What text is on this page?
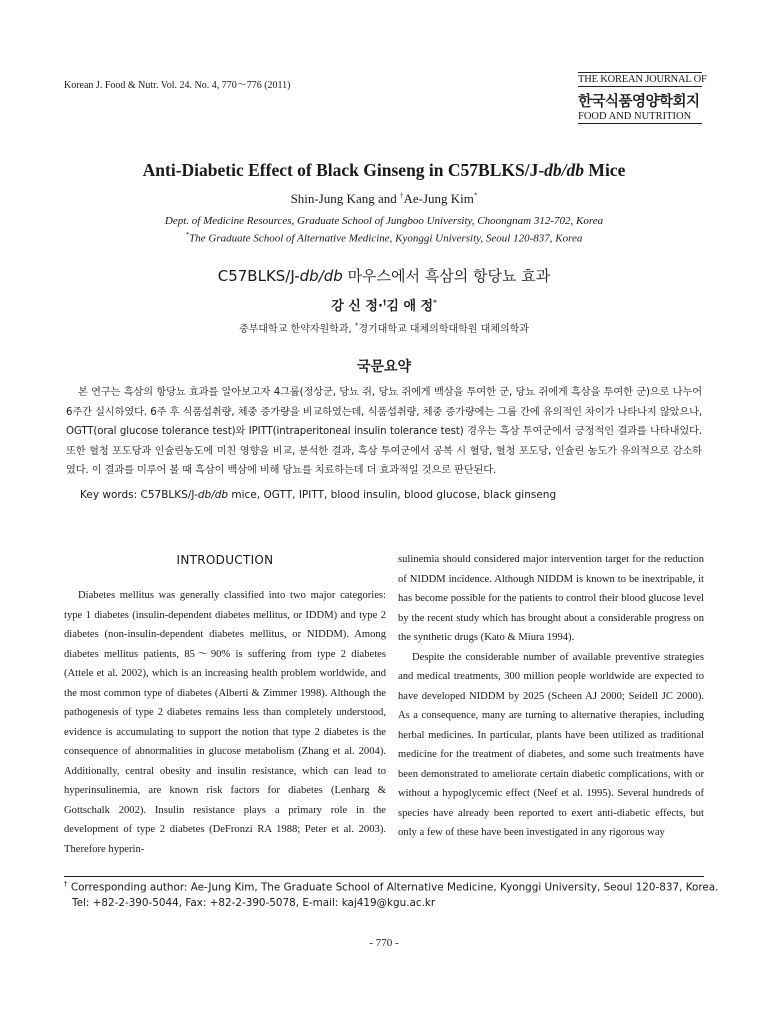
Korean J. Food & Nutr. Vol. 24. No. 4, 770～776 (2011)
THE KOREAN JOURNAL OF
한국식품영양학회지
FOOD AND NUTRITION
Anti-Diabetic Effect of Black Ginseng in C57BLKS/J-db/db Mice
Shin-Jung Kang and †Ae-Jung Kim*
Dept. of Medicine Resources, Graduate School of Jungboo University, Choongnam 312-702, Korea
*The Graduate School of Alternative Medicine, Kyonggi University, Seoul 120-837, Korea
C57BLKS/J-db/db 마우스에서 흑삼의 항당뇨 효과
강 신 정·†김 애 정*
중부대학교 한약자원학과, *경기대학교 대체의학대학원 대체의학과
국문요약
본 연구는 흑삼의 항당뇨 효과를 알아보고자 4그룹(정상군, 당뇨 쥐, 당뇨 쥐에게 백삼을 투여한 군, 당뇨 쥐에게 흑삼을 투여한 군)으로 나누어 6주간 실시하였다. 6주 후 식품섭취량, 체중 증가량을 비교하였는데, 식품섭취량, 체중 증가량에는 그룹 간에 유의적인 차이가 나타나지 않았으나, OGTT(oral glucose tolerance test)와 IPITT(intraperitoneal insulin tolerance test) 경우는 흑삼 투여군에서 긍정적인 결과를 나타내었다. 또한 혈청 포도당과 인슐린농도에 미친 영향을 비교, 분석한 결과, 흑삼 투여군에서 공복 시 혈당, 혈청 포도당, 인슐린 농도가 유의적으로 감소하였다. 이 결과를 미루어 볼 때 흑삼이 백삼에 비해 당뇨를 치료하는데 더 효과적일 것으로 판단된다.
Key words: C57BLKS/J-db/db mice, OGTT, IPITT, blood insulin, blood glucose, black ginseng
INTRODUCTION
Diabetes mellitus was generally classified into two major categories: type 1 diabetes (insulin-dependent diabetes mellitus, or IDDM) and type 2 diabetes (non-insulin-dependent diabetes mellitus, or NIDDM). Among diabetes mellitus patients, 85～90% is suffering from type 2 diabetes (Attele et al. 2002), which is an increasing health problem worldwide, and the most common type of diabetes (Alberti & Zimmer 1998). Although the pathogenesis of type 2 diabetes remains less than completely understood, evidence is accumulating to support the notion that type 2 diabetes is the consequence of abnormalities in glucose metabolism (Zhang et al. 2004). Additionally, central obesity and insulin resistance, which can lead to hyperinsulinemia, are known risk factors for diabetes (Lenharg & Gottschalk 2002). Insulin resistance plays a primary role in the development of type 2 diabetes (DeFronzi RA 1988; Peter et al. 2003). Therefore hyperin-

sulinemia should considered major intervention target for the reduction of NIDDM incidence. Although NIDDM is known to be inextripable, it has become possible for the patients to control their blood glucose level by the recent study which has brought about a considerable progress on the synthetic drugs (Kato & Miura 1994).

Despite the considerable number of available preventive strategies and medical treatments, 300 million people worldwide are expected to have developed NIDDM by 2025 (Scheen AJ 2000; Seidell JC 2000). As a consequence, many are turning to alternative therapies, including herbal medicines. In particular, plants have been utilized as traditional medicine for the treatment of diabetes, and some such treatments have been demonstrated to ameliorate certain diabetic complications, with or without a hypoglycemic effect (Neef et al. 1995). Several hundreds of species have already been reported to exert anti-diabetic effects, but only a few of these have been investigated in any rigorous way

† Corresponding author: Ae-Jung Kim, The Graduate School of Alternative Medicine, Kyonggi University, Seoul 120-837, Korea.
Tel: +82-2-390-5044, Fax: +82-2-390-5078, E-mail: kaj419@kgu.ac.kr
- 770 -
